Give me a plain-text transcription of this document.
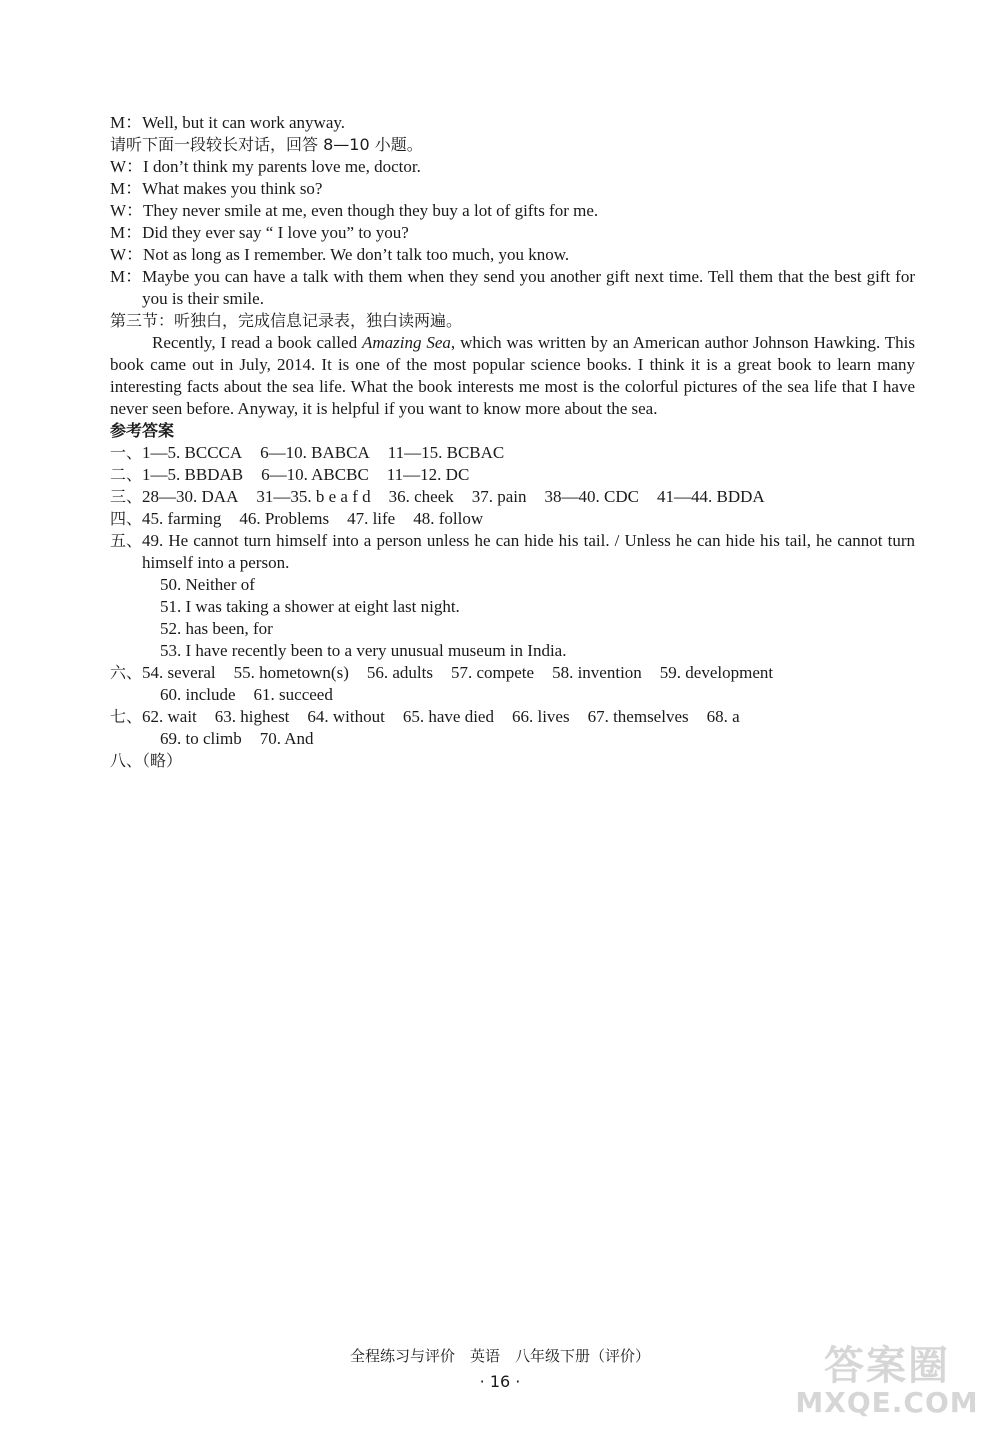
M： Well, but it can work anyway.
请听下面一段较长对话，回答 8—10 小题。
W： I don’t think my parents love me, doctor.
M： What makes you think so?
W： They never smile at me, even though they buy a lot of gifts for me.
M： Did they ever say “ I love you” to you?
W： Not as long as I remember. We don’t talk too much, you know.
M： Maybe you can have a talk with them when they send you another gift next time. Tell them that the best gift for you is their smile.
第三节：听独白，完成信息记录表，独白读两遍。
Recently, I read a book called Amazing Sea, which was written by an American author Johnson Hawking. This book came out in July, 2014. It is one of the most popular science books. I think it is a great book to learn many interesting facts about the sea life. What the book interests me most is the colorful pictures of the sea life that I have never seen before. Anyway, it is helpful if you want to know more about the sea.
参考答案
一、1—5. BCCCA 6—10. BABCA 11—15. BCBAC
二、1—5. BBDAB 6—10. ABCBC 11—12. DC
三、28—30. DAA 31—35. b e a f d 36. cheek 37. pain 38—40. CDC 41—44. BDDA
四、45. farming 46. Problems 47. life 48. follow
五、 49. He cannot turn himself into a person unless he can hide his tail. / Unless he can hide his tail, he cannot turn himself into a person.
50. Neither of
51. I was taking a shower at eight last night.
52. has been, for
53. I have recently been to a very unusual museum in India.
六、54. several 55. hometown(s) 56. adults 57. compete 58. invention 59. development
60. include 61. succeed
七、62. wait 63. highest 64. without 65. have died 66. lives 67. themselves 68. a
69. to climb 70. And
八、（略）
全程练习与评价　英语　八年级下册（评价）
· 16 ·	答案圈
MXQE.COM
